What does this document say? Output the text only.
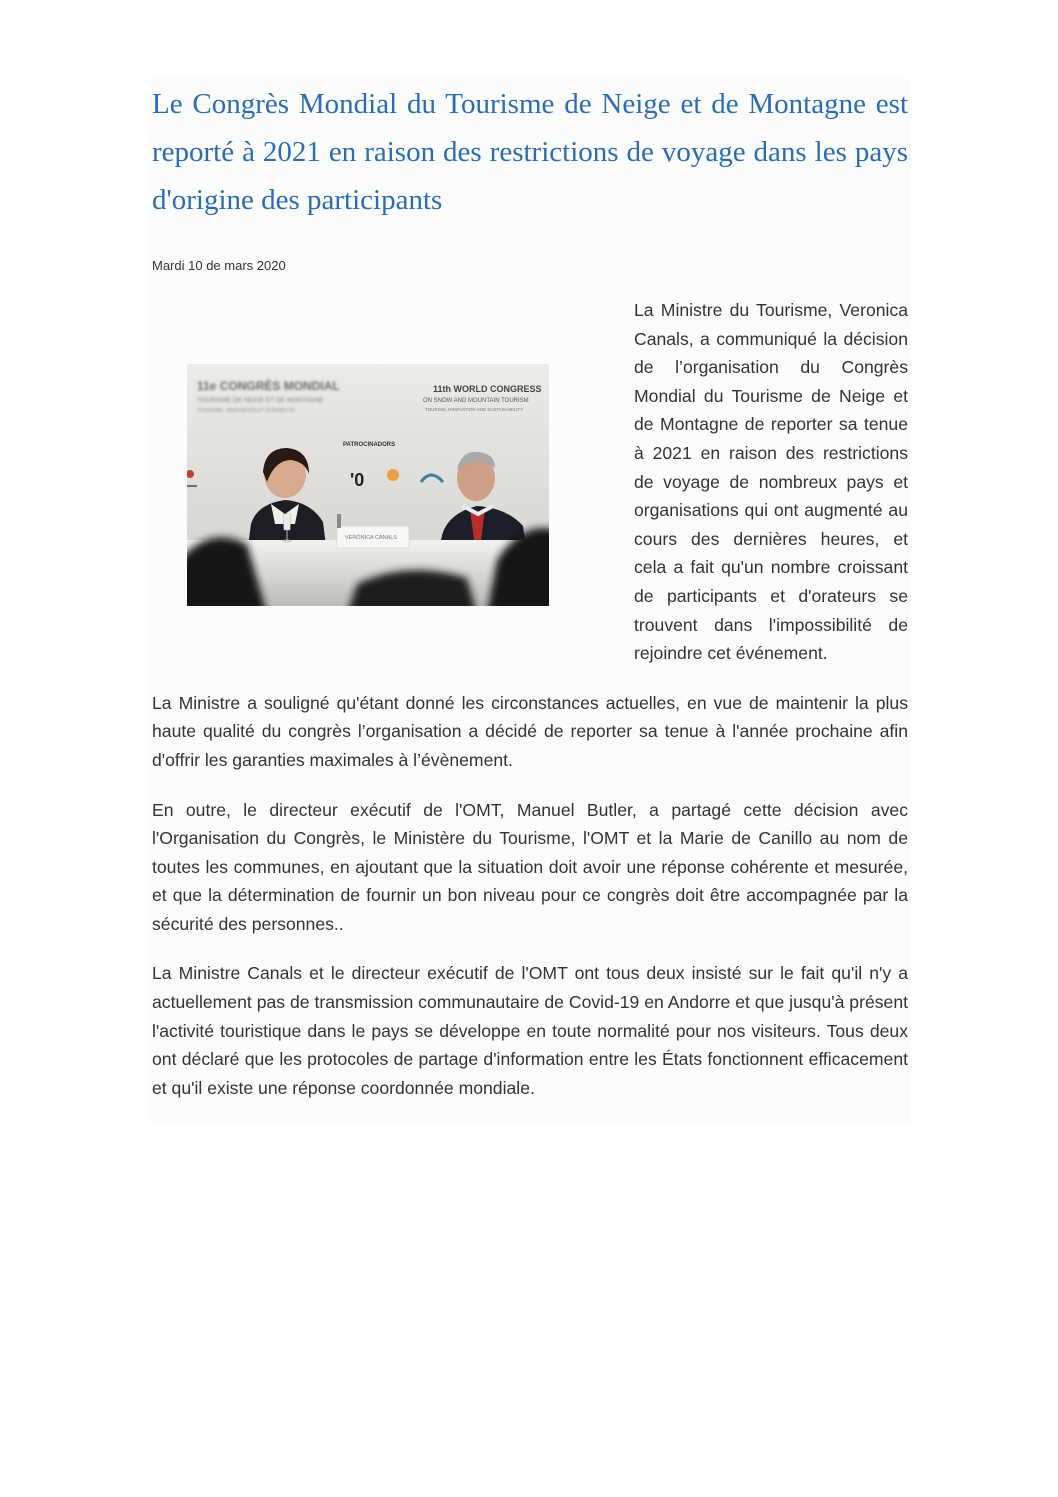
Le Congrès Mondial du Tourisme de Neige et de Montagne est reporté à 2021 en raison des restrictions de voyage dans les pays d'origine des participants
Mardi 10 de mars 2020
11e CONGRÈS MONDIAL
TOURISME DE NEIGE ET DE MONTAGNE
TOURISME, INNOVATION ET DURABILITÉ
11th WORLD CONGRESS
ON SNOW AND MOUNTAIN TOURISM
TOURISM, INNOVATION AND SUSTAINABILITY
PATROCINADORS
'0
VERÒNICA CANALS

La Ministre du Tourisme, Veronica Canals, a communiqué la décision de l’organisation du Congrès Mondial du Tourisme de Neige et de Montagne de reporter sa tenue à 2021 en raison des restrictions de voyage de nombreux pays et organisations qui ont augmenté au cours des dernières heures, et cela a fait qu'un nombre croissant de participants et d'orateurs se trouvent dans l'impossibilité de rejoindre cet événement.

La Ministre a souligné qu'étant donné les circonstances actuelles, en vue de maintenir la plus haute qualité du congrès l’organisation a décidé de reporter sa tenue à l'année prochaine afin d'offrir les garanties maximales à l’évènement.

En outre, le directeur exécutif de l'OMT, Manuel Butler, a partagé cette décision avec l'Organisation du Congrès, le Ministère du Tourisme, l'OMT et la Marie de Canillo au nom de toutes les communes, en ajoutant que la situation doit avoir une réponse cohérente et mesurée, et que la détermination de fournir un bon niveau pour ce congrès doit être accompagnée par la sécurité des personnes..

La Ministre Canals et le directeur exécutif de l'OMT ont tous deux insisté sur le fait qu'il n'y a actuellement pas de transmission communautaire de Covid-19 en Andorre et que jusqu'à présent l'activité touristique dans le pays se développe en toute normalité pour nos visiteurs. Tous deux ont déclaré que les protocoles de partage d'information entre les États fonctionnent efficacement et qu'il existe une réponse coordonnée mondiale.
